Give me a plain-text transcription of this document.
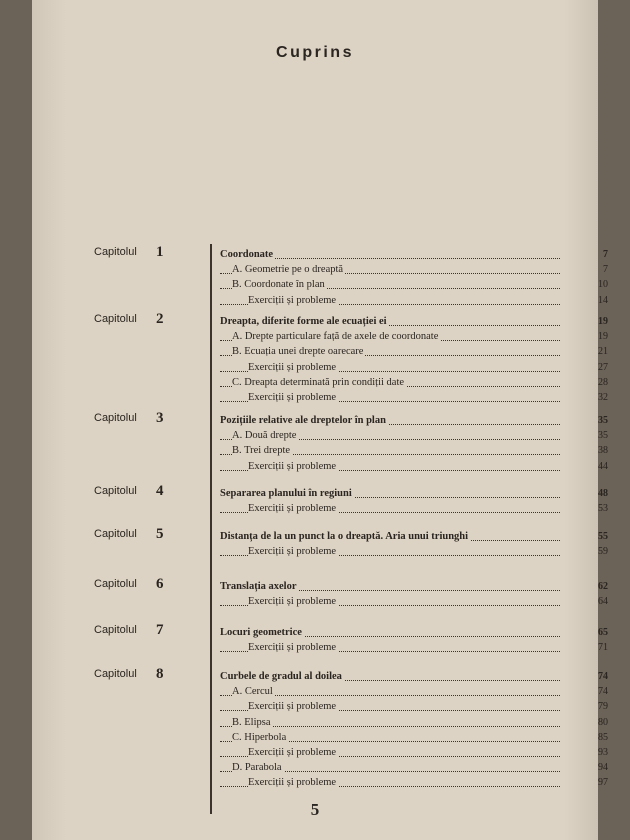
Cuprins
Capitolul 1	Coordonate	7
A. Geometrie pe o dreaptă	7
B. Coordonate în plan	10
Exerciții și probleme	14
Capitolul 2	Dreapta, diferite forme ale ecuației ei	19
A. Drepte particulare față de axele de coordonate	19
B. Ecuația unei drepte oarecare	21
Exerciții și probleme	27
C. Dreapta determinată prin condiții date	28
Exerciții și probleme	32
Capitolul 3	Pozițiile relative ale dreptelor în plan	35
A. Două drepte	35
B. Trei drepte	38
Exerciții și probleme	44
Capitolul 4	Separarea planului în regiuni	48
Exerciții și probleme	53
Capitolul 5	Distanța de la un punct la o dreaptă. Aria unui triunghi	55
Exerciții și probleme	59
Capitolul 6	Translația axelor	62
Exerciții și probleme	64
Capitolul 7	Locuri geometrice	65
Exerciții și probleme	71
Capitolul 8	Curbele de gradul al doilea	74
A. Cercul	74
Exerciții și probleme	79
B. Elipsa	80
C. Hiperbola	85
Exerciții și probleme	93
D. Parabola	94
Exerciții și probleme	97
5
